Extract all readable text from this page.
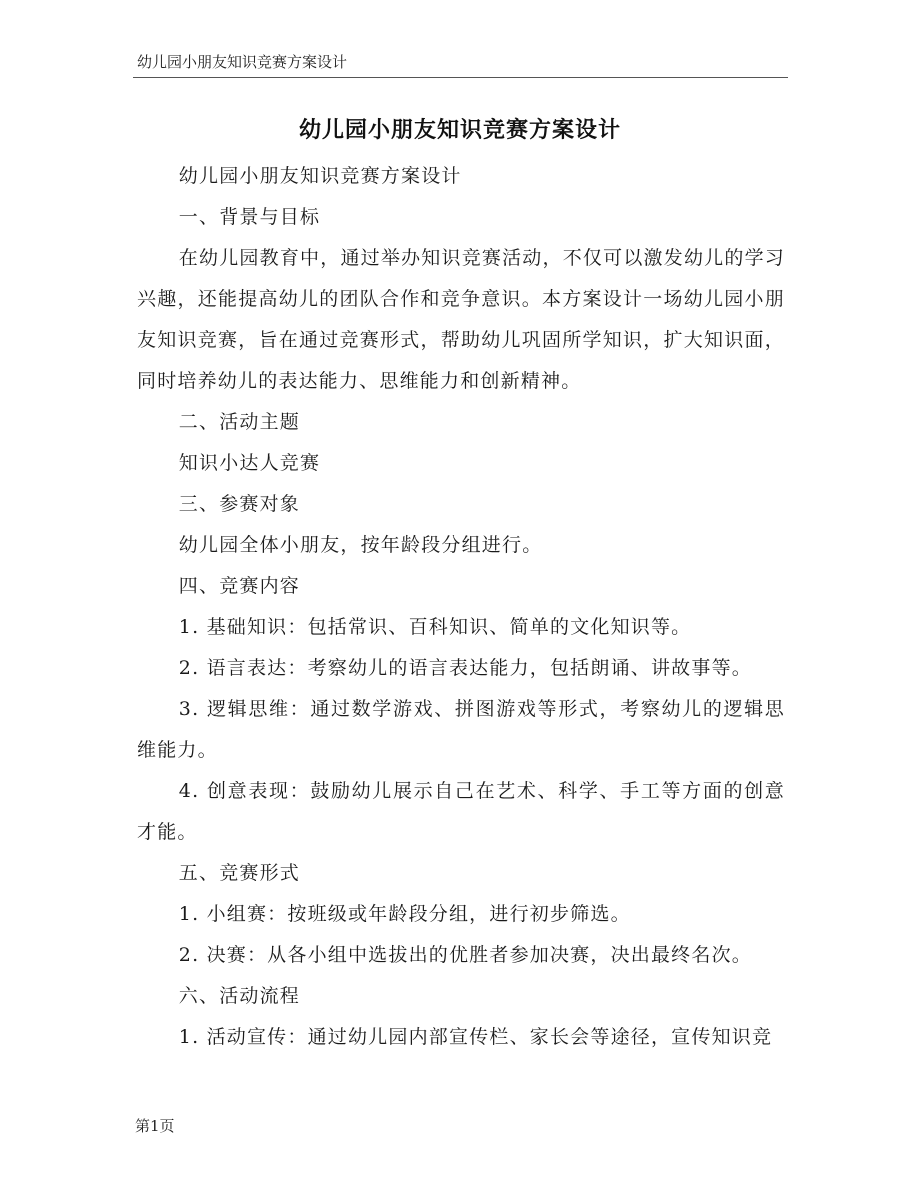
幼儿园小朋友知识竞赛方案设计
幼儿园小朋友知识竞赛方案设计

幼儿园小朋友知识竞赛方案设计

一、背景与目标

在幼儿园教育中，通过举办知识竞赛活动，不仅可以激发幼儿的学习兴趣，还能提高幼儿的团队合作和竞争意识。本方案设计一场幼儿园小朋友知识竞赛，旨在通过竞赛形式，帮助幼儿巩固所学知识，扩大知识面，同时培养幼儿的表达能力、思维能力和创新精神。

二、活动主题

知识小达人竞赛

三、参赛对象

幼儿园全体小朋友，按年龄段分组进行。

四、竞赛内容

1. 基础知识：包括常识、百科知识、简单的文化知识等。

2. 语言表达：考察幼儿的语言表达能力，包括朗诵、讲故事等。

3. 逻辑思维：通过数学游戏、拼图游戏等形式，考察幼儿的逻辑思维能力。

4. 创意表现：鼓励幼儿展示自己在艺术、科学、手工等方面的创意才能。

五、竞赛形式

1. 小组赛：按班级或年龄段分组，进行初步筛选。

2. 决赛：从各小组中选拔出的优胜者参加决赛，决出最终名次。

六、活动流程

1. 活动宣传：通过幼儿园内部宣传栏、家长会等途径，宣传知识竞

第1页
